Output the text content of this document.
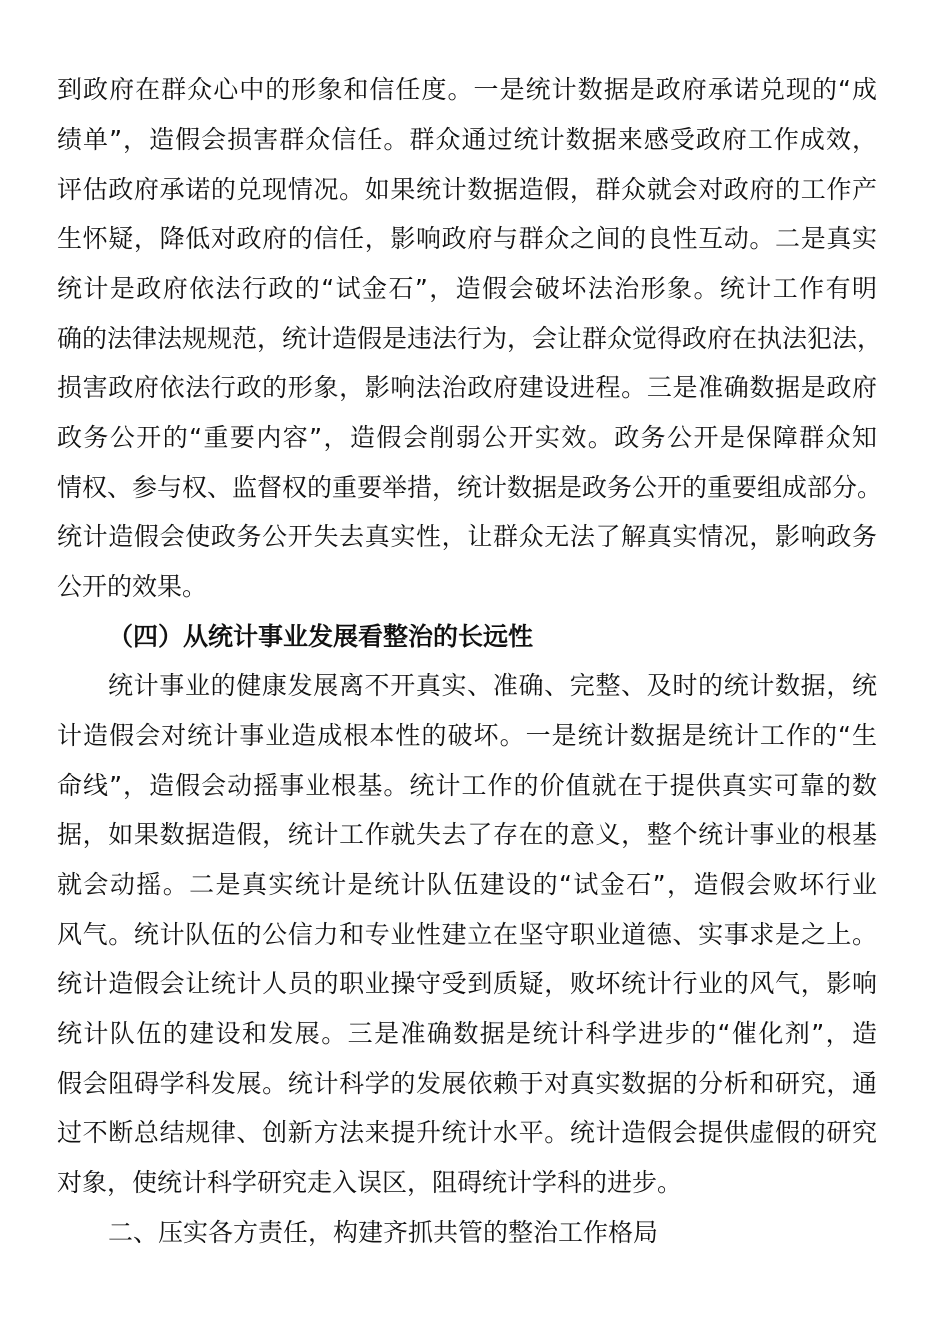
到政府在群众心中的形象和信任度。一是统计数据是政府承诺兑现的“成
绩单”，造假会损害群众信任。群众通过统计数据来感受政府工作成效，
评估政府承诺的兑现情况。如果统计数据造假，群众就会对政府的工作产
生怀疑，降低对政府的信任，影响政府与群众之间的良性互动。二是真实
统计是政府依法行政的“试金石”，造假会破坏法治形象。统计工作有明
确的法律法规规范，统计造假是违法行为，会让群众觉得政府在执法犯法，
损害政府依法行政的形象，影响法治政府建设进程。三是准确数据是政府
政务公开的“重要内容”，造假会削弱公开实效。政务公开是保障群众知
情权、参与权、监督权的重要举措，统计数据是政务公开的重要组成部分。
统计造假会使政务公开失去真实性，让群众无法了解真实情况，影响政务
公开的效果。
（四）从统计事业发展看整治的长远性
统计事业的健康发展离不开真实、准确、完整、及时的统计数据，统
计造假会对统计事业造成根本性的破坏。一是统计数据是统计工作的“生
命线”，造假会动摇事业根基。统计工作的价值就在于提供真实可靠的数
据，如果数据造假，统计工作就失去了存在的意义，整个统计事业的根基
就会动摇。二是真实统计是统计队伍建设的“试金石”，造假会败坏行业
风气。统计队伍的公信力和专业性建立在坚守职业道德、实事求是之上。
统计造假会让统计人员的职业操守受到质疑，败坏统计行业的风气，影响
统计队伍的建设和发展。三是准确数据是统计科学进步的“催化剂”，造
假会阻碍学科发展。统计科学的发展依赖于对真实数据的分析和研究，通
过不断总结规律、创新方法来提升统计水平。统计造假会提供虚假的研究
对象，使统计科学研究走入误区，阻碍统计学科的进步。
二、压实各方责任，构建齐抓共管的整治工作格局
